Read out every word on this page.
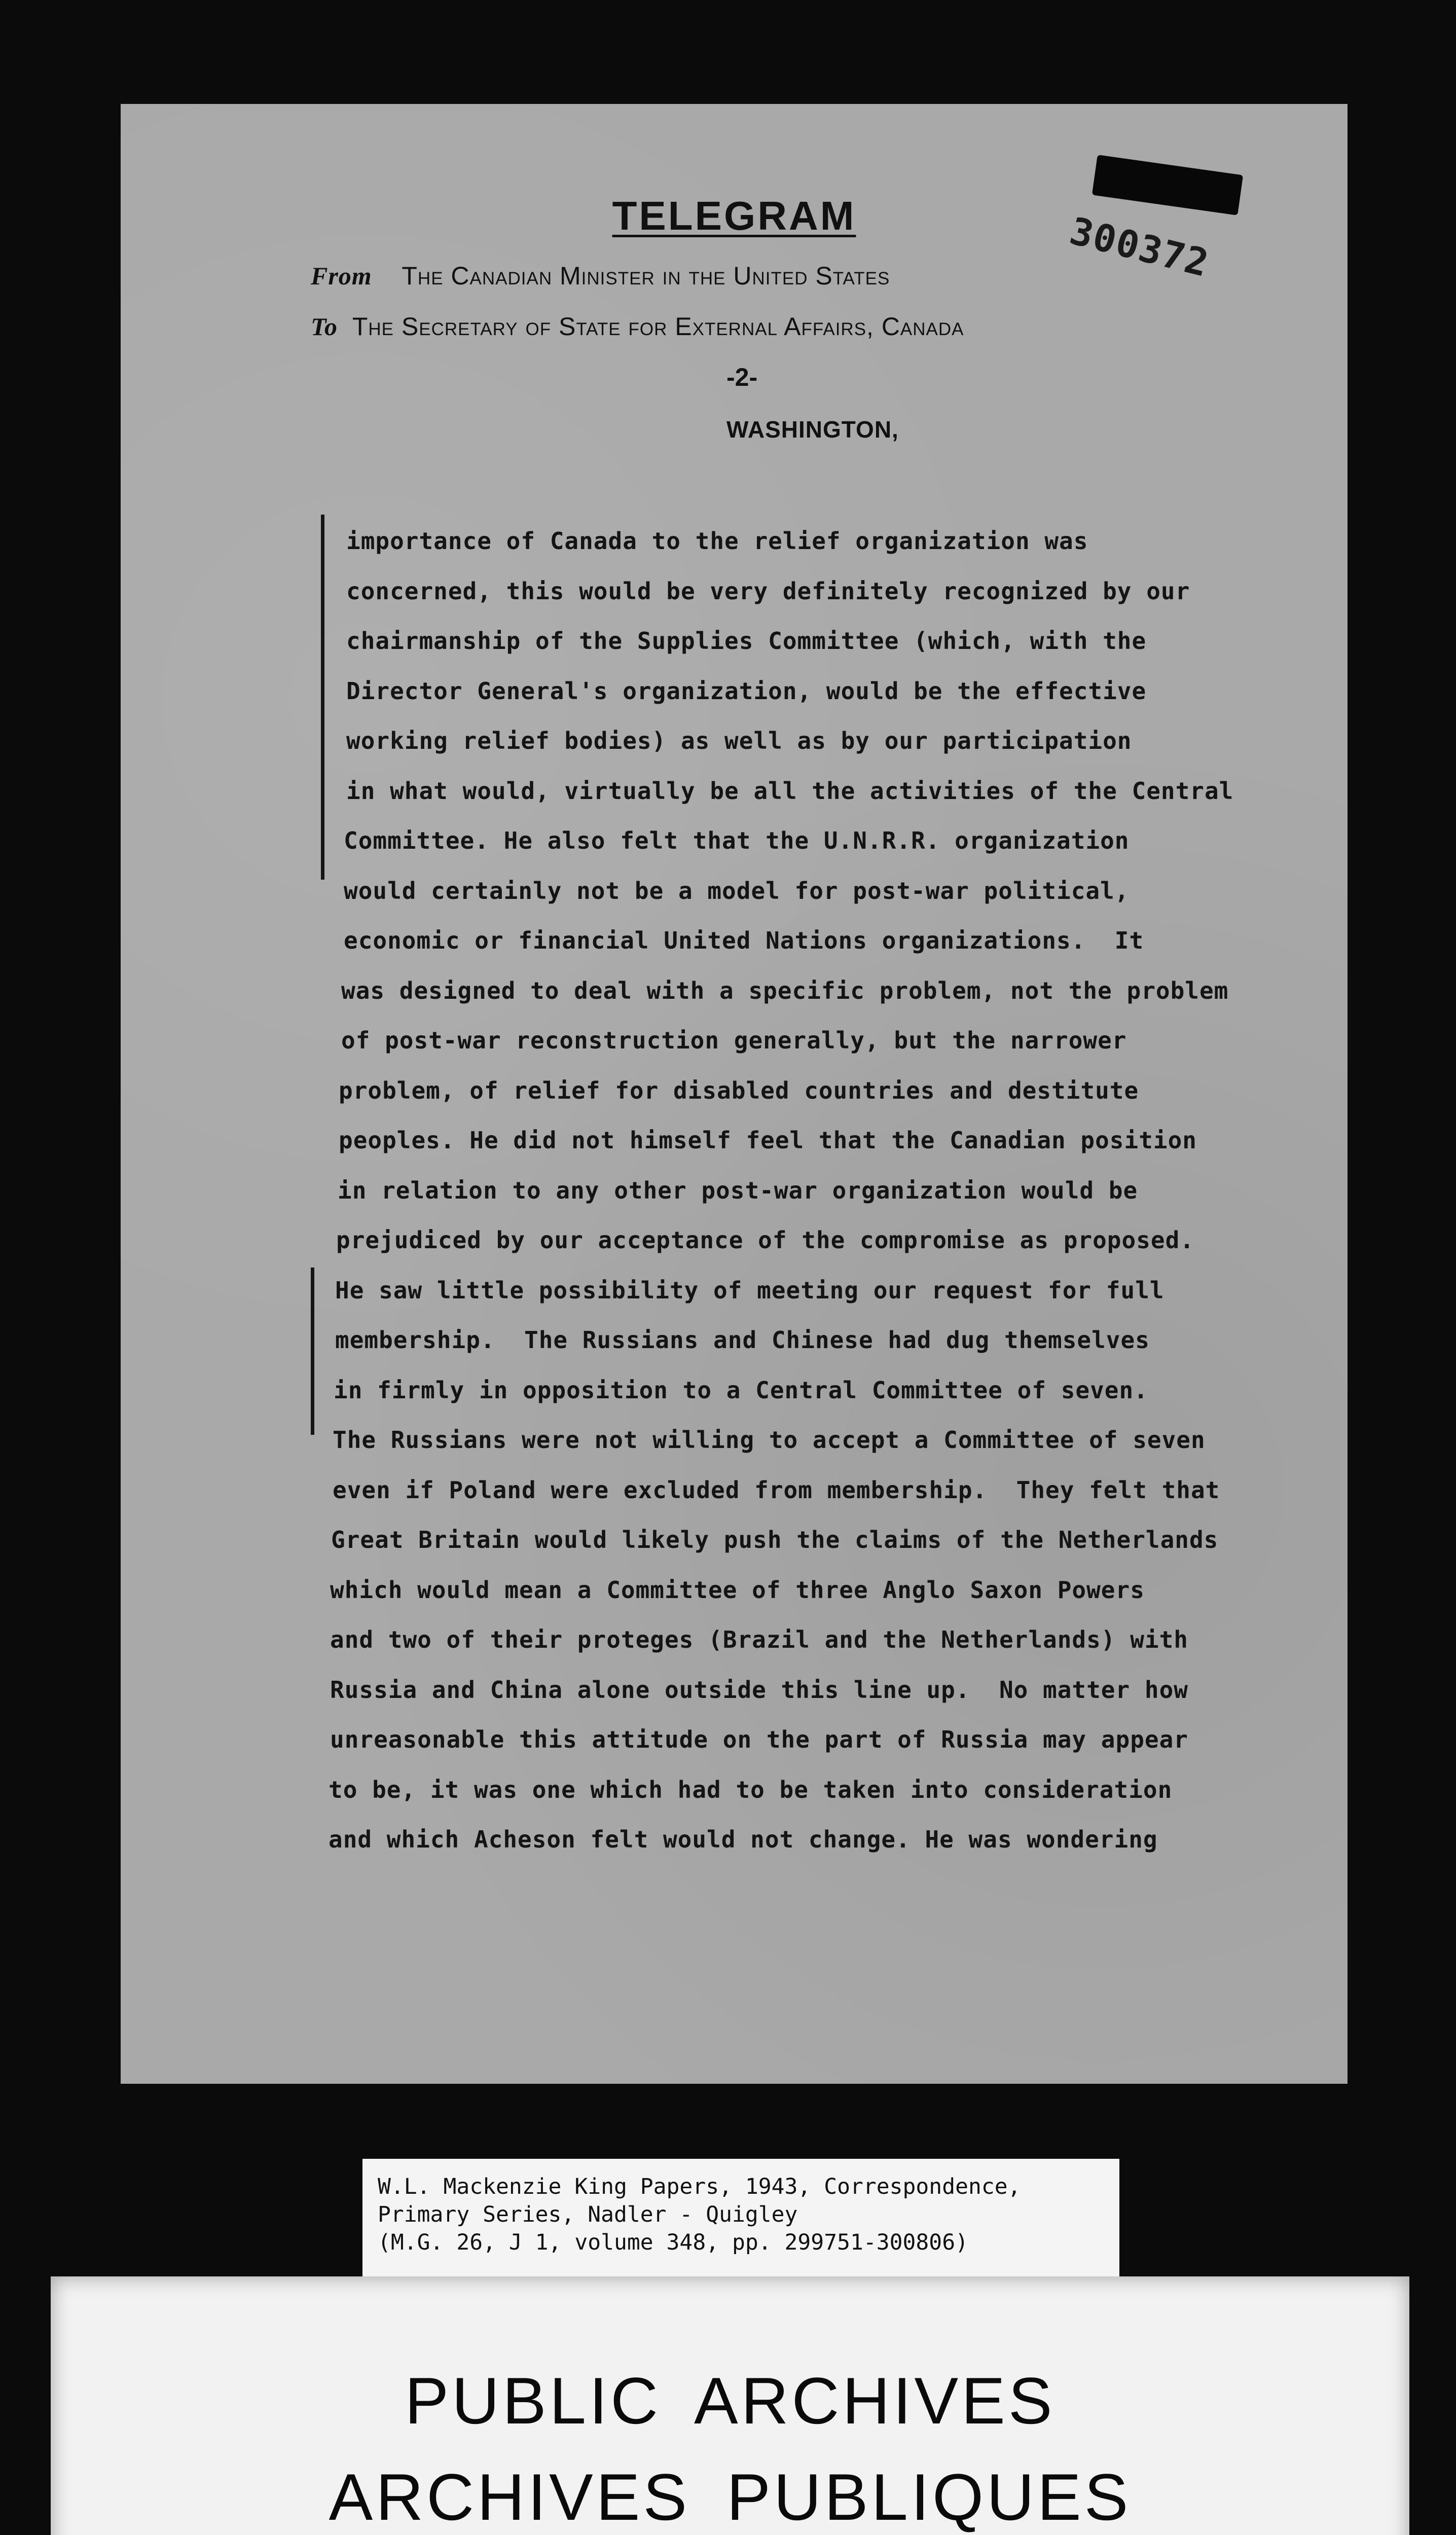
300372
TELEGRAM
From The Canadian Minister in the United States
To The Secretary of State for External Affairs, Canada
-2-
WASHINGTON,
importance of Canada to the relief organization was
concerned, this would be very definitely recognized by our
chairmanship of the Supplies Committee (which, with the
Director General's organization, would be the effective
working relief bodies) as well as by our participation
in what would, virtually be all the activities of the Central
Committee. He also felt that the U.N.R.R. organization
would certainly not be a model for post-war political,
economic or financial United Nations organizations.  It
was designed to deal with a specific problem, not the problem
of post-war reconstruction generally, but the narrower
problem, of relief for disabled countries and destitute
peoples. He did not himself feel that the Canadian position
in relation to any other post-war organization would be
prejudiced by our acceptance of the compromise as proposed.
He saw little possibility of meeting our request for full
membership.  The Russians and Chinese had dug themselves
in firmly in opposition to a Central Committee of seven.
The Russians were not willing to accept a Committee of seven
even if Poland were excluded from membership.  They felt that
Great Britain would likely push the claims of the Netherlands
which would mean a Committee of three Anglo Saxon Powers
and two of their proteges (Brazil and the Netherlands) with
Russia and China alone outside this line up.  No matter how
unreasonable this attitude on the part of Russia may appear
to be, it was one which had to be taken into consideration
and which Acheson felt would not change. He was wondering
W.L. Mackenzie King Papers, 1943, Correspondence,
Primary Series, Nadler - Quigley
(M.G. 26, J 1, volume 348, pp. 299751-300806)
PUBLIC ARCHIVES
ARCHIVES PUBLIQUES
